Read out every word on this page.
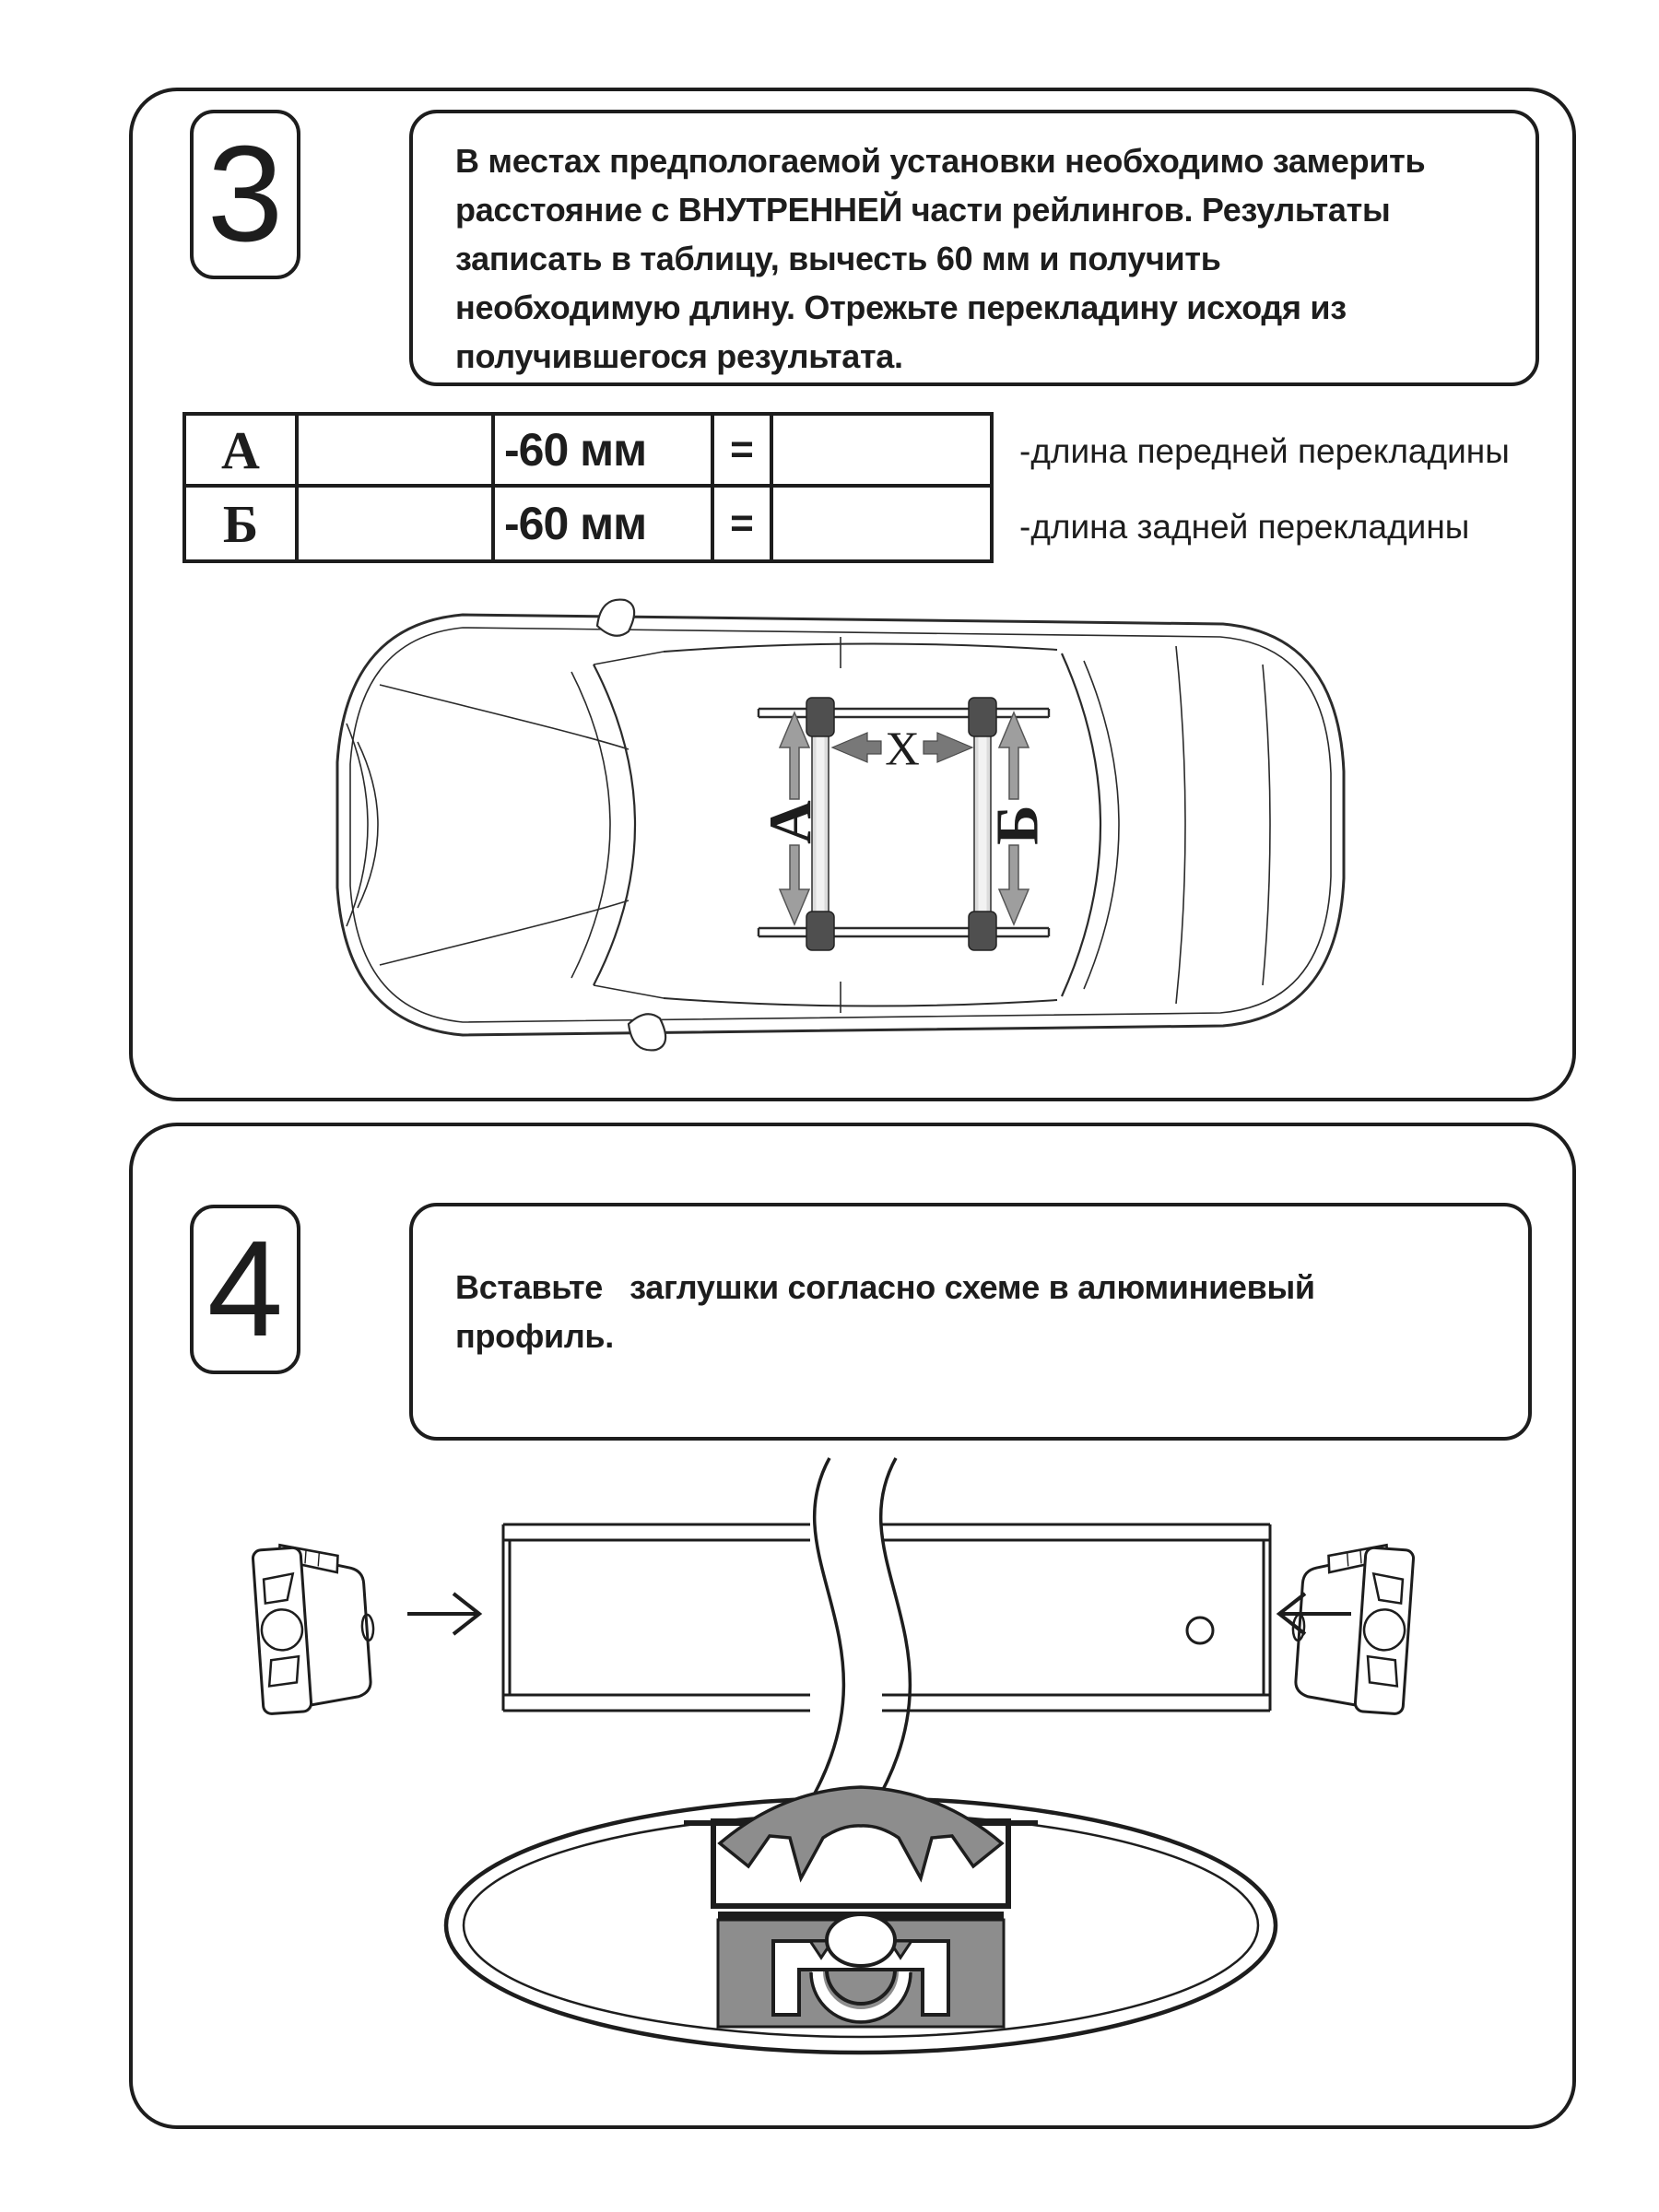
3	В местах предпологаемой установки необходимо замерить расстояние с ВНУТРЕННЕЙ части рейлингов. Результаты записать в таблицу, вычесть 60 мм и получить необходимую длину. Отрежьте перекладину исходя из получившегося результата.

А	-60 мм	=
Б	-60 мм	=
-длина передней перекладины
-длина задней перекладины
А	Б
X
4	Вставьте   заглушки согласно схеме в алюминиевый профиль.
